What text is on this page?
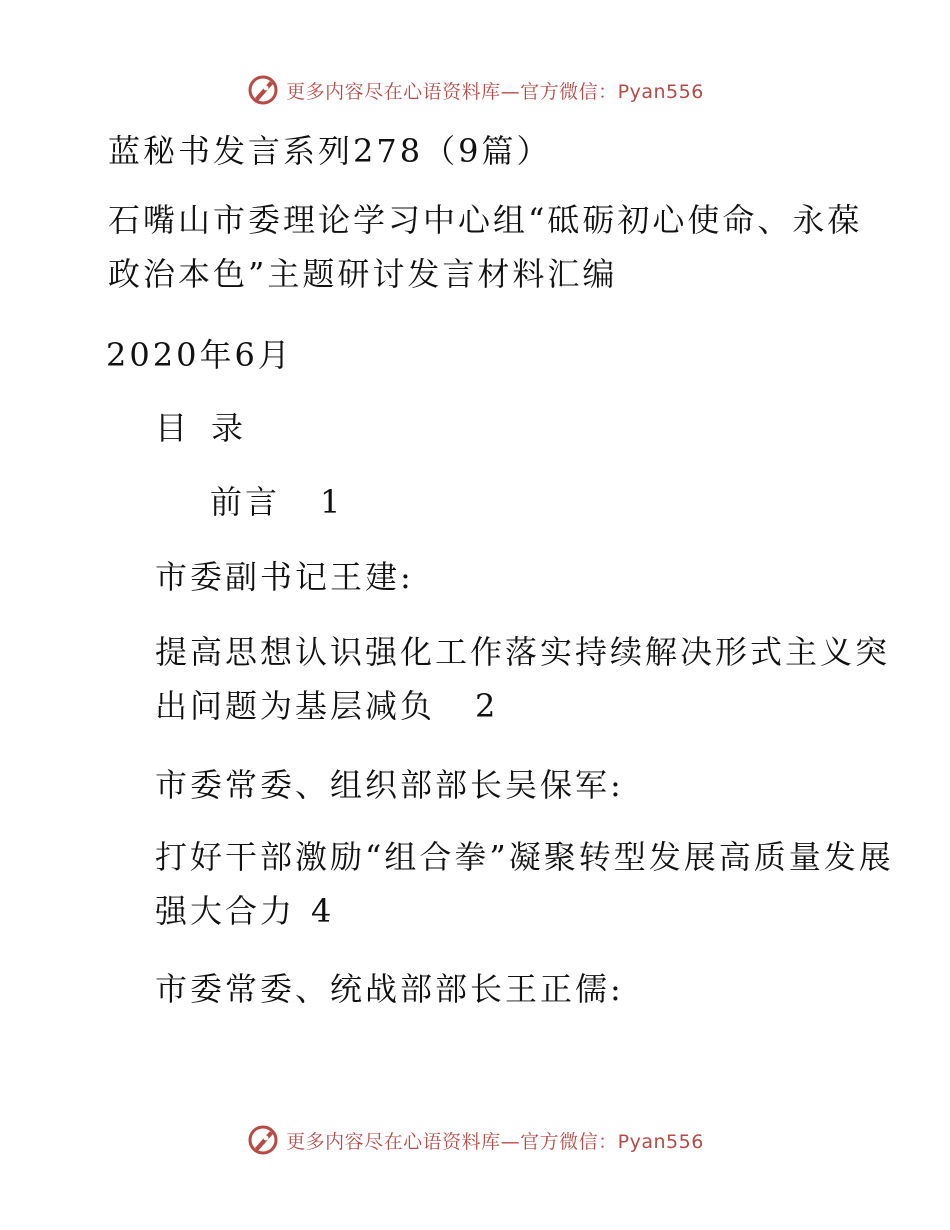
更多内容尽在心语资料库—官方微信：Pyan556
蓝秘书发言系列278（9篇）
石嘴山市委理论学习中心组“砥砺初心使命、永葆政治本色”主题研讨发言材料汇编
2020年6月
目录
前言 1
市委副书记王建:
提高思想认识强化工作落实持续解决形式主义突出问题为基层减负 2
市委常委、组织部部长吴保军:
打好干部激励“组合拳”凝聚转型发展高质量发展强大合力 4
市委常委、统战部部长王正儒:
更多内容尽在心语资料库—官方微信：Pyan556
